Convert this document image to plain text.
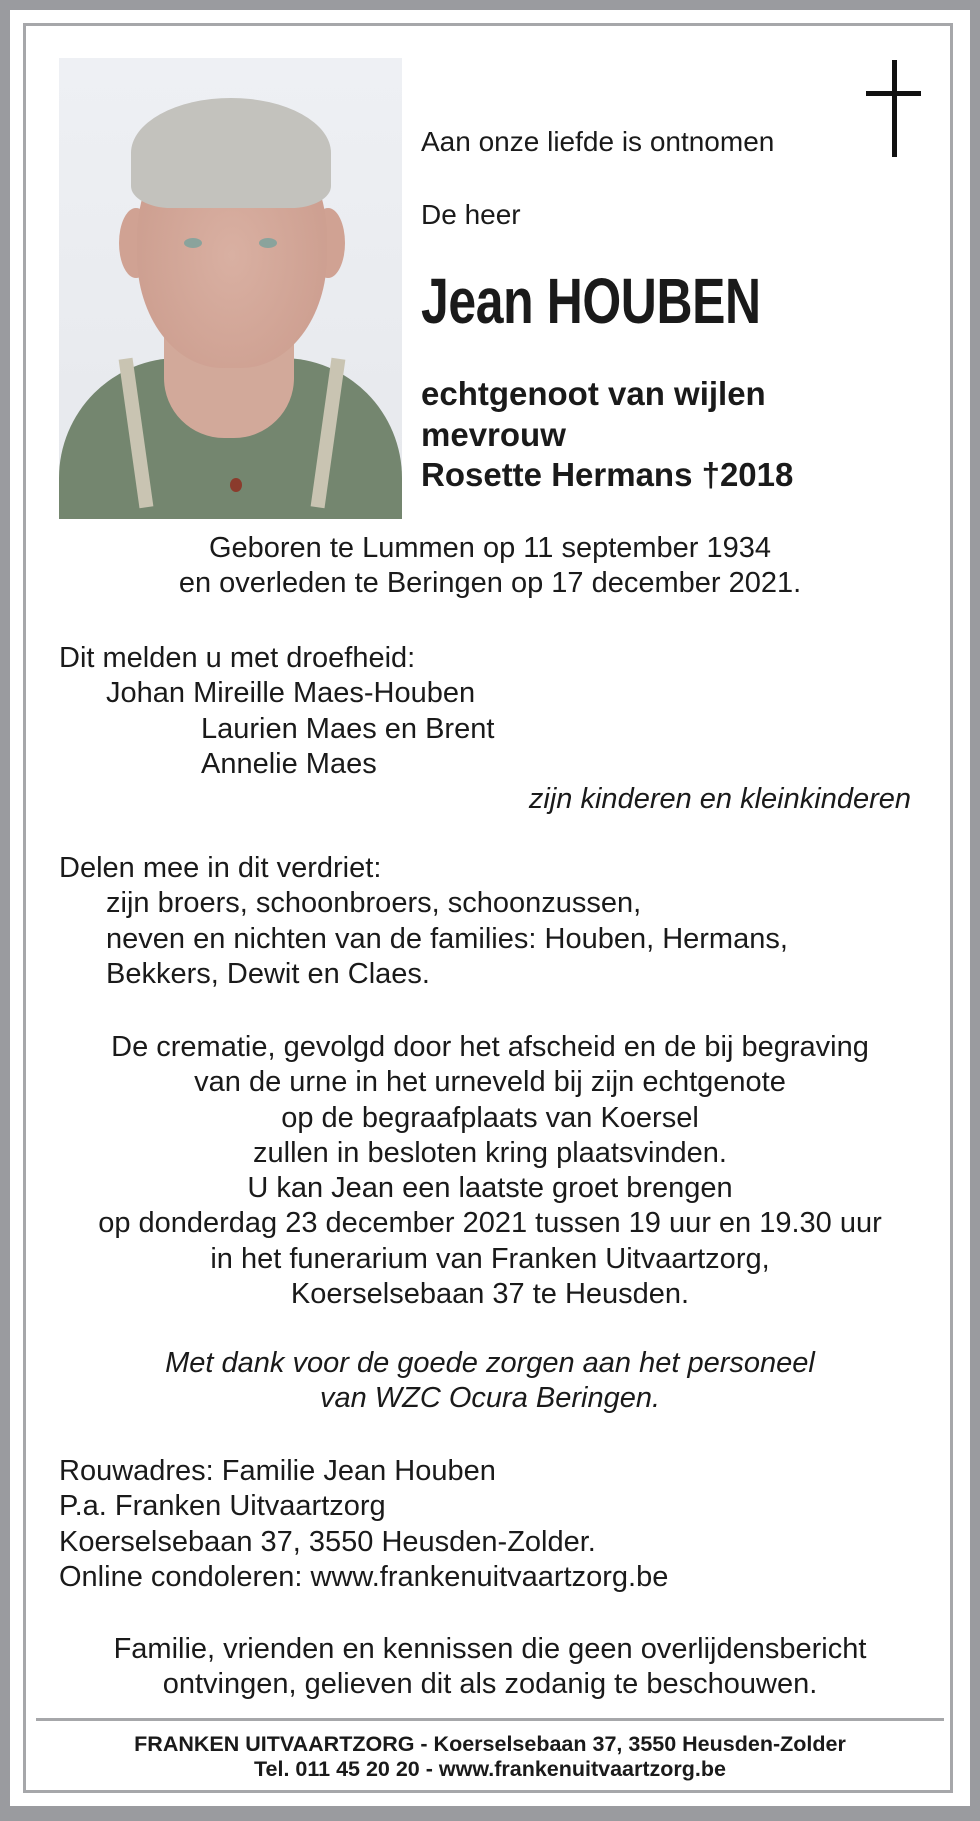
Aan onze liefde is ontnomen
De heer
Jean HOUBEN
echtgenoot van wijlen
mevrouw
Rosette Hermans †2018
Geboren te Lummen op 11 september 1934
en overleden te Beringen op 17 december 2021.
Dit melden u met droefheid:
Johan Mireille Maes-Houben
Laurien Maes en Brent
Annelie Maes
zijn kinderen en kleinkinderen
Delen mee in dit verdriet:
zijn broers, schoonbroers, schoonzussen,
neven en nichten van de families: Houben, Hermans,
Bekkers, Dewit en Claes.
De crematie, gevolgd door het afscheid en de bij begraving
van de urne in het urneveld bij zijn echtgenote
op de begraafplaats van Koersel
zullen in besloten kring plaatsvinden.
U kan Jean een laatste groet brengen
op donderdag 23 december 2021 tussen 19 uur en 19.30 uur
in het funerarium van Franken Uitvaartzorg,
Koerselsebaan 37 te Heusden.
Met dank voor de goede zorgen aan het personeel
van WZC Ocura Beringen.
Rouwadres: Familie Jean Houben
P.a. Franken Uitvaartzorg
Koerselsebaan 37, 3550 Heusden-Zolder.
Online condoleren: www.frankenuitvaartzorg.be
Familie, vrienden en kennissen die geen overlijdensbericht
ontvingen, gelieven dit als zodanig te beschouwen.
FRANKEN UITVAARTZORG - Koerselsebaan 37, 3550 Heusden-Zolder
Tel. 011 45 20 20 - www.frankenuitvaartzorg.be
